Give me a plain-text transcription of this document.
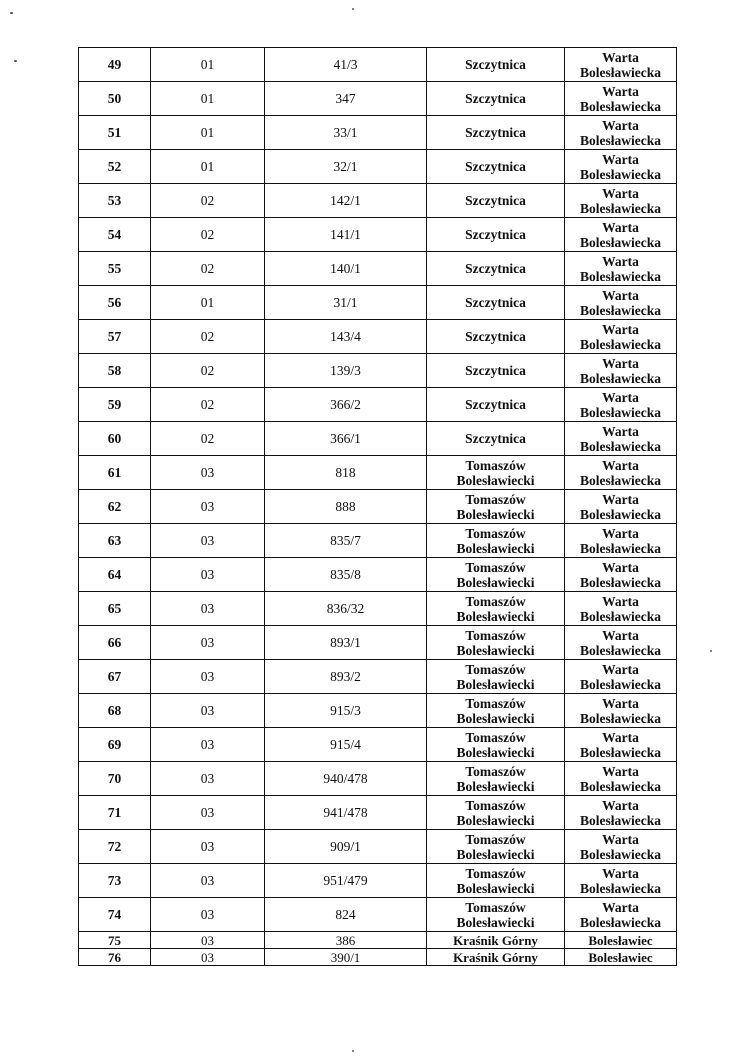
49	01	41/3	Szczytnica	Warta
Bolesławiecka

50	01	347	Szczytnica	Warta
Bolesławiecka

51	01	33/1	Szczytnica	Warta
Bolesławiecka

52	01	32/1	Szczytnica	Warta
Bolesławiecka

53	02	142/1	Szczytnica	Warta
Bolesławiecka

54	02	141/1	Szczytnica	Warta
Bolesławiecka

55	02	140/1	Szczytnica	Warta
Bolesławiecka

56	01	31/1	Szczytnica	Warta
Bolesławiecka

57	02	143/4	Szczytnica	Warta
Bolesławiecka

58	02	139/3	Szczytnica	Warta
Bolesławiecka

59	02	366/2	Szczytnica	Warta
Bolesławiecka

60	02	366/1	Szczytnica	Warta
Bolesławiecka

61	03	818	Tomaszów
Bolesławiecki	Warta
Bolesławiecka

62	03	888	Tomaszów
Bolesławiecki	Warta
Bolesławiecka

63	03	835/7	Tomaszów
Bolesławiecki	Warta
Bolesławiecka

64	03	835/8	Tomaszów
Bolesławiecki	Warta
Bolesławiecka

65	03	836/32	Tomaszów
Bolesławiecki	Warta
Bolesławiecka

66	03	893/1	Tomaszów
Bolesławiecki	Warta
Bolesławiecka

67	03	893/2	Tomaszów
Bolesławiecki	Warta
Bolesławiecka

68	03	915/3	Tomaszów
Bolesławiecki	Warta
Bolesławiecka

69	03	915/4	Tomaszów
Bolesławiecki	Warta
Bolesławiecka

70	03	940/478	Tomaszów
Bolesławiecki	Warta
Bolesławiecka

71	03	941/478	Tomaszów
Bolesławiecki	Warta
Bolesławiecka

72	03	909/1	Tomaszów
Bolesławiecki	Warta
Bolesławiecka

73	03	951/479	Tomaszów
Bolesławiecki	Warta
Bolesławiecka

74	03	824	Tomaszów
Bolesławiecki	Warta
Bolesławiecka

75	03	386	Kraśnik Górny	Bolesławiec

76	03	390/1	Kraśnik Górny	Bolesławiec
